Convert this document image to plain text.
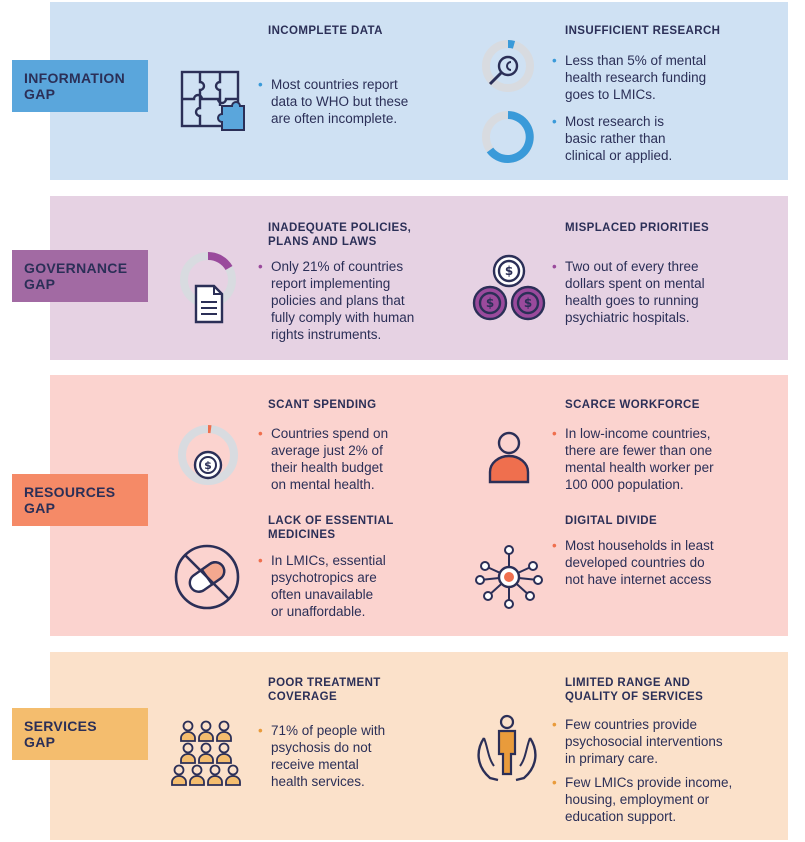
INFORMATION
GAP
GOVERNANCE
GAP
RESOURCES
GAP
SERVICES
GAP
INCOMPLETE DATA
• Most countries report
data to WHO but these
are often incomplete.
INSUFFICIENT RESEARCH
• Less than 5% of mental
health research funding
goes to LMICs.
• Most research is
basic rather than
clinical or applied.
INADEQUATE POLICIES,
PLANS AND LAWS
• Only 21% of countries
report implementing
policies and plans that
fully comply with human
rights instruments.
$
$ $
MISPLACED PRIORITIES
• Two out of every three
dollars spent on mental
health goes to running
psychiatric hospitals.
$
SCANT SPENDING
• Countries spend on
average just 2% of
their health budget
on mental health.
SCARCE WORKFORCE
• In low-income countries,
there are fewer than one
mental health worker per
100 000 population.
LACK OF ESSENTIAL
MEDICINES
• In LMICs, essential
psychotropics are
often unavailable
or unaffordable.
DIGITAL DIVIDE
• Most households in least
developed countries do
not have internet access
POOR TREATMENT
COVERAGE
• 71% of people with
psychosis do not
receive mental
health services.
LIMITED RANGE AND
QUALITY OF SERVICES
• Few countries provide
psychosocial interventions
in primary care.
• Few LMICs provide income,
housing, employment or
education support.
